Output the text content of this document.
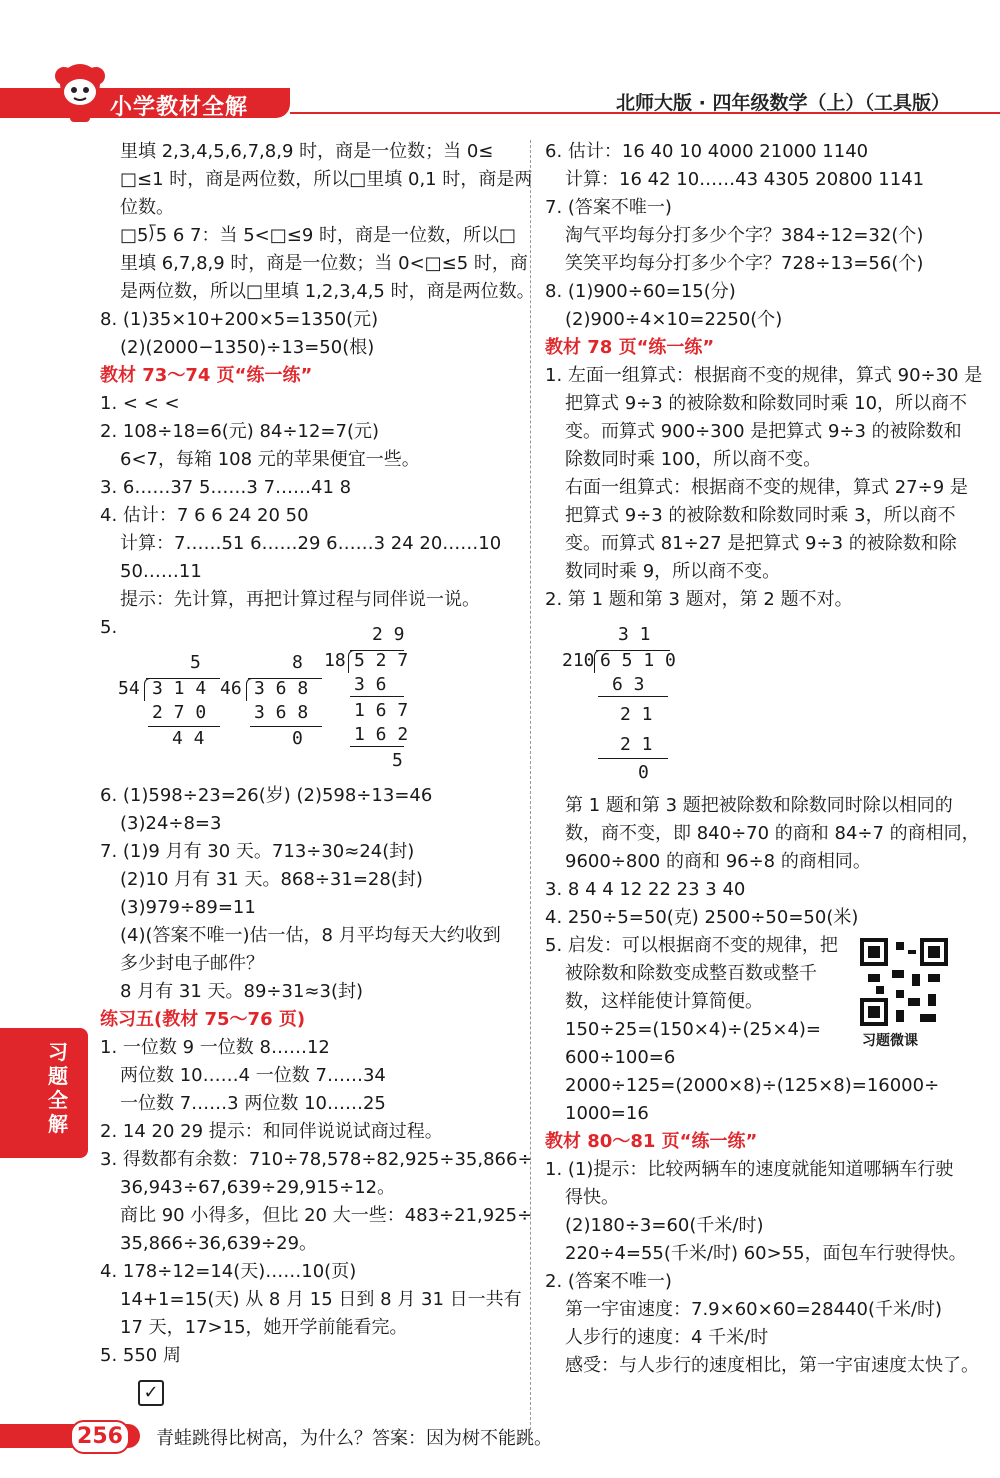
小学教材全解	北师大版 · 四年级数学（上）（工具版）
习题全解
里填 2,3,4,5,6,7,8,9 时，商是一位数；当 0≤
□≤1 时，商是两位数，所以□里填 0,1 时，商是两
位数。
□5⟌5 6 7：当 5<□≤9 时，商是一位数，所以□
里填 6,7,8,9 时，商是一位数；当 0<□≤5 时，商
是两位数，所以□里填 1,2,3,4,5 时，商是两位数。
8. (1)35×10+200×5=1350(元)
(2)(2000−1350)÷13=50(根)
教材 73～74 页“练一练”
1. < < <
2. 108÷18=6(元) 84÷12=7(元)
6<7，每箱 108 元的苹果便宜一些。
3. 6……37 5……3 7……41 8
4. 估计：7 6 6 24 20 50
计算：7……51 6……29 6……3 24 20……10
50……11
提示：先计算，再把计算过程与同伴说一说。
5.
5
54 3 1 4
2 7 0
4 4
8
46 3 6 8
3 6 8
0
2 9
18 5 2 7
3 6
1 6 7
1 6 2
5
6. (1)598÷23=26(岁) (2)598÷13=46
(3)24÷8=3
7. (1)9 月有 30 天。713÷30≈24(封)
(2)10 月有 31 天。868÷31=28(封)
(3)979÷89=11
(4)(答案不唯一)估一估，8 月平均每天大约收到
多少封电子邮件？
8 月有 31 天。89÷31≈3(封)
练习五(教材 75～76 页)
1. 一位数 9 一位数 8……12
两位数 10……4 一位数 7……34
一位数 7……3 两位数 10……25
2. 14 20 29 提示：和同伴说说试商过程。
3. 得数都有余数：710÷78,578÷82,925÷35,866÷
36,943÷67,639÷29,915÷12。
商比 90 小得多，但比 20 大一些：483÷21,925÷
35,866÷36,639÷29。
4. 178÷12=14(天)……10(页)
14+1=15(天) 从 8 月 15 日到 8 月 31 日一共有
17 天，17>15，她开学前能看完。
5. 550 周
✓
6. 估计：16 40 10 4000 21000 1140
计算：16 42 10……43 4305 20800 1141
7. (答案不唯一)
淘气平均每分打多少个字？384÷12=32(个)
笑笑平均每分打多少个字？728÷13=56(个)
8. (1)900÷60=15(分)
(2)900÷4×10=2250(个)
教材 78 页“练一练”
1. 左面一组算式：根据商不变的规律，算式 90÷30 是
把算式 9÷3 的被除数和除数同时乘 10，所以商不
变。而算式 900÷300 是把算式 9÷3 的被除数和
除数同时乘 100，所以商不变。
右面一组算式：根据商不变的规律，算式 27÷9 是
把算式 9÷3 的被除数和除数同时乘 3，所以商不
变。而算式 81÷27 是把算式 9÷3 的被除数和除
数同时乘 9，所以商不变。
2. 第 1 题和第 3 题对，第 2 题不对。
3 1
210 6 5 1 0
6 3
2 1
2 1
0
第 1 题和第 3 题把被除数和除数同时除以相同的
数，商不变，即 840÷70 的商和 84÷7 的商相同，
9600÷800 的商和 96÷8 的商相同。
3. 8 4 4 12 22 23 3 40
4. 250÷5=50(克) 2500÷50=50(米)
5. 启发：可以根据商不变的规律，把
被除数和除数变成整百数或整千
数，这样能使计算简便。
150÷25=(150×4)÷(25×4)=
600÷100=6
2000÷125=(2000×8)÷(125×8)=16000÷
1000=16
教材 80～81 页“练一练”
1. (1)提示：比较两辆车的速度就能知道哪辆车行驶
得快。
(2)180÷3=60(千米/时)
220÷4=55(千米/时) 60>55，面包车行驶得快。
2. (答案不唯一)
第一宇宙速度：7.9×60×60=28440(千米/时)
人步行的速度：4 千米/时
感受：与人步行的速度相比，第一宇宙速度太快了。
习题微课
256	青蛙跳得比树高，为什么？答案：因为树不能跳。
